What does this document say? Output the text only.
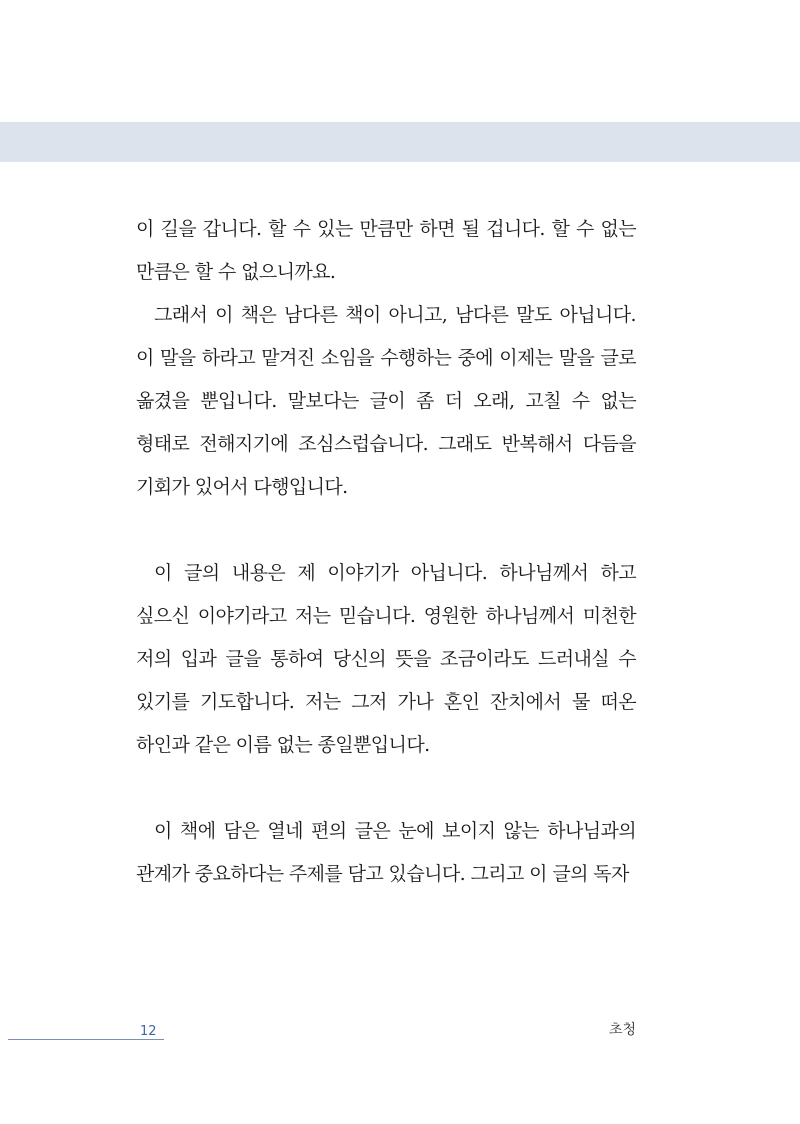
이 길을 갑니다. 할 수 있는 만큼만 하면 될 겁니다. 할 수 없는 만큼은 할 수 없으니까요.

그래서 이 책은 남다른 책이 아니고, 남다른 말도 아닙니다. 이 말을 하라고 맡겨진 소임을 수행하는 중에 이제는 말을 글로 옮겼을 뿐입니다. 말보다는 글이 좀 더 오래, 고칠 수 없는 형태로 전해지기에 조심스럽습니다. 그래도 반복해서 다듬을 기회가 있어서 다행입니다.

이 글의 내용은 제 이야기가 아닙니다. 하나님께서 하고 싶으신 이야기라고 저는 믿습니다. 영원한 하나님께서 미천한 저의 입과 글을 통하여 당신의 뜻을 조금이라도 드러내실 수 있기를 기도합니다. 저는 그저 가나 혼인 잔치에서 물 떠온 하인과 같은 이름 없는 종일뿐입니다.

이 책에 담은 열네 편의 글은 눈에 보이지 않는 하나님과의 관계가 중요하다는 주제를 담고 있습니다. 그리고 이 글의 독자

12	초청
